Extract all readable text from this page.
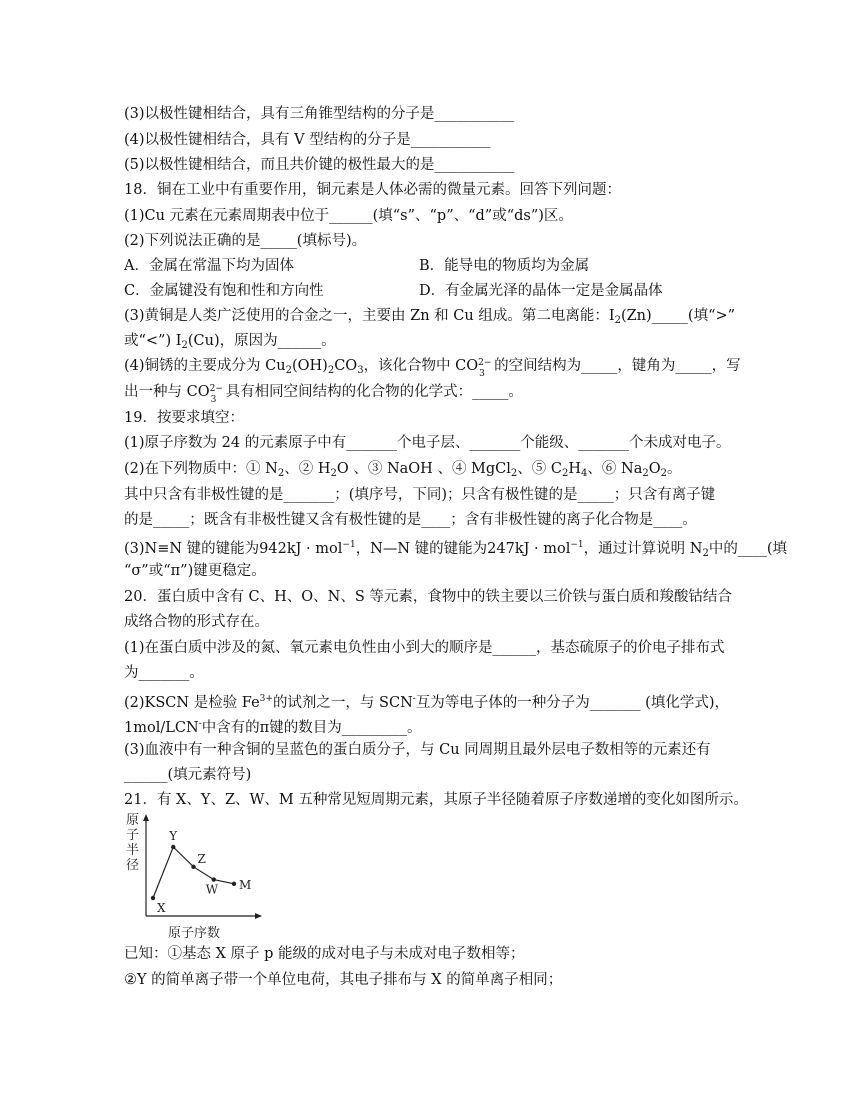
(3)以极性键相结合，具有三角锥型结构的分子是___________
(4)以极性键相结合，具有 V 型结构的分子是___________
(5)以极性键相结合，而且共价键的极性最大的是___________
18．铜在工业中有重要作用，铜元素是人体必需的微量元素。回答下列问题：
(1)Cu 元素在元素周期表中位于______(填“s”、“p”、“d”或“ds”)区。
(2)下列说法正确的是_____(填标号)。
A．金属在常温下均为固体	B．能导电的物质均为金属
C．金属键没有饱和性和方向性	D．有金属光泽的晶体一定是金属晶体
(3)黄铜是人类广泛使用的合金之一，主要由 Zn 和 Cu 组成。第二电离能：$I_2(Zn)\_\_\_\_\_$(填“>”
或“<”) $I_2(Cu)$，原因为______。
(4)铜锈的主要成分为 $Cu_2(OH)_2CO_3$，该化合物中 CO 2−
3 的空间结构为_____，键角为_____，写
出一种与 CO 2−
3 具有相同空间结构的化合物的化学式：_____。
19．按要求填空：
(1)原子序数为 24 的元素原子中有_______个电子层、_______个能级、_______个未成对电子。
(2)在下列物质中：① $N_2$、② $H_2O$ 、③ NaOH 、④ MgCl$_2$、⑤ $C_2H_4$、⑥ $Na_2O_2$。
其中只含有非极性键的是_______；(填序号，下同)；只含有极性键的是_____；只含有离子键
的是_____；既含有非极性键又含有极性键的是____；含有非极性键的离子化合物是____。
(3)N≡N 键的键能为942kJ · mol$^{-1}$，N—N 键的键能为247kJ · mol$^{-1}$，通过计算说明 $N_2$中的____(填
“σ”或“π”)键更稳定。
20．蛋白质中含有 C、H、O、N、S 等元素，食物中的铁主要以三价铁与蛋白质和羧酸钴结合
成络合物的形式存在。
(1)在蛋白质中涉及的氮、氧元素电负性由小到大的顺序是______，基态硫原子的价电子排布式
为_______。
(2)KSCN 是检验 $Fe^{3+}$的试剂之一，与 SCN-互为等电子体的一种分子为_______ (填化学式)，
1mol/LCN-中含有的π键的数目为_________。
(3)血液中有一种含铜的呈蓝色的蛋白质分子，与 Cu 同周期且最外层电子数相等的元素还有
______(填元素符号)
21．有 X、Y、Z、W、M 五种常见短周期元素，其原子半径随着原子序数递增的变化如图所示。
原
子
半
径
原子序数
X
Y
Z
W M
已知：①基态 X 原子 p 能级的成对电子与未成对电子数相等；
②Y 的简单离子带一个单位电荷，其电子排布与 X 的简单离子相同；
